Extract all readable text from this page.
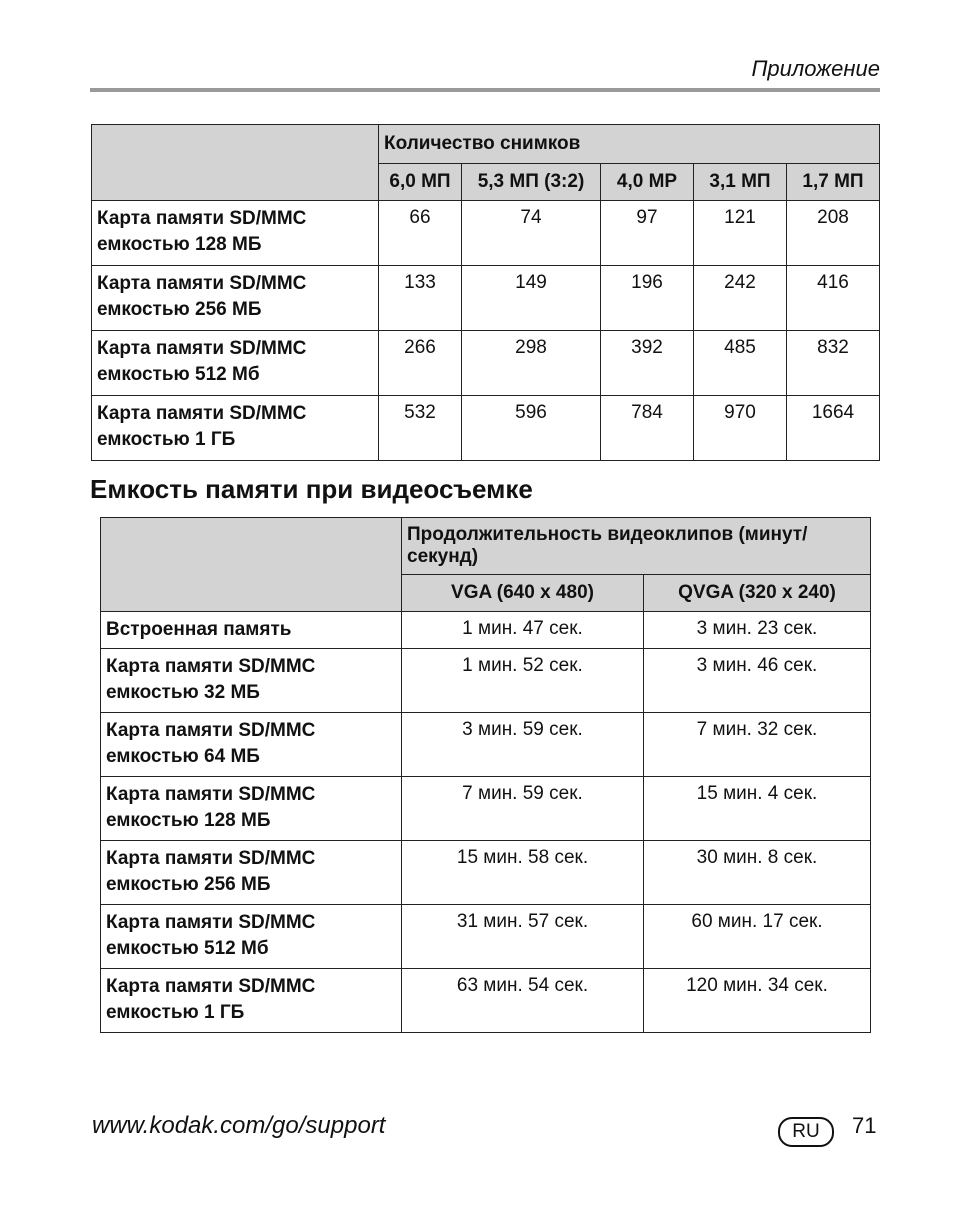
Приложение
	Количество снимков				
	6,0 МП	5,3 МП (3:2)	4,0 МР	3,1 МП	1,7 МП

Карта памяти SD/MMC
емкостью 128 МБ	66	74	97	121	208

Карта памяти SD/MMC
емкостью 256 МБ	133	149	196	242	416

Карта памяти SD/MMC
емкостью 512 Мб	266	298	392	485	832

Карта памяти SD/MMC
емкостью 1 ГБ	532	596	784	970	1664
Емкость памяти при видеосъемке
	Продолжительность видеоклипов (минут/секунд)	
	VGA (640 x 480)	QVGA (320 x 240)

Встроенная память	1 мин. 47 сек.	3 мин. 23 сек.

Карта памяти SD/MMC
емкостью 32 МБ	1 мин. 52 сек.	3 мин. 46 сек.

Карта памяти SD/MMC
емкостью 64 МБ	3 мин. 59 сек.	7 мин. 32 сек.

Карта памяти SD/MMC
емкостью 128 МБ	7 мин. 59 сек.	15 мин. 4 сек.

Карта памяти SD/MMC
емкостью 256 МБ	15 мин. 58 сек.	30 мин. 8 сек.

Карта памяти SD/MMC
емкостью 512 Мб	31 мин. 57 сек.	60 мин. 17 сек.

Карта памяти SD/MMC
емкостью 1 ГБ	63 мин. 54 сек.	120 мин. 34 сек.
www.kodak.com/go/support	RU	71
